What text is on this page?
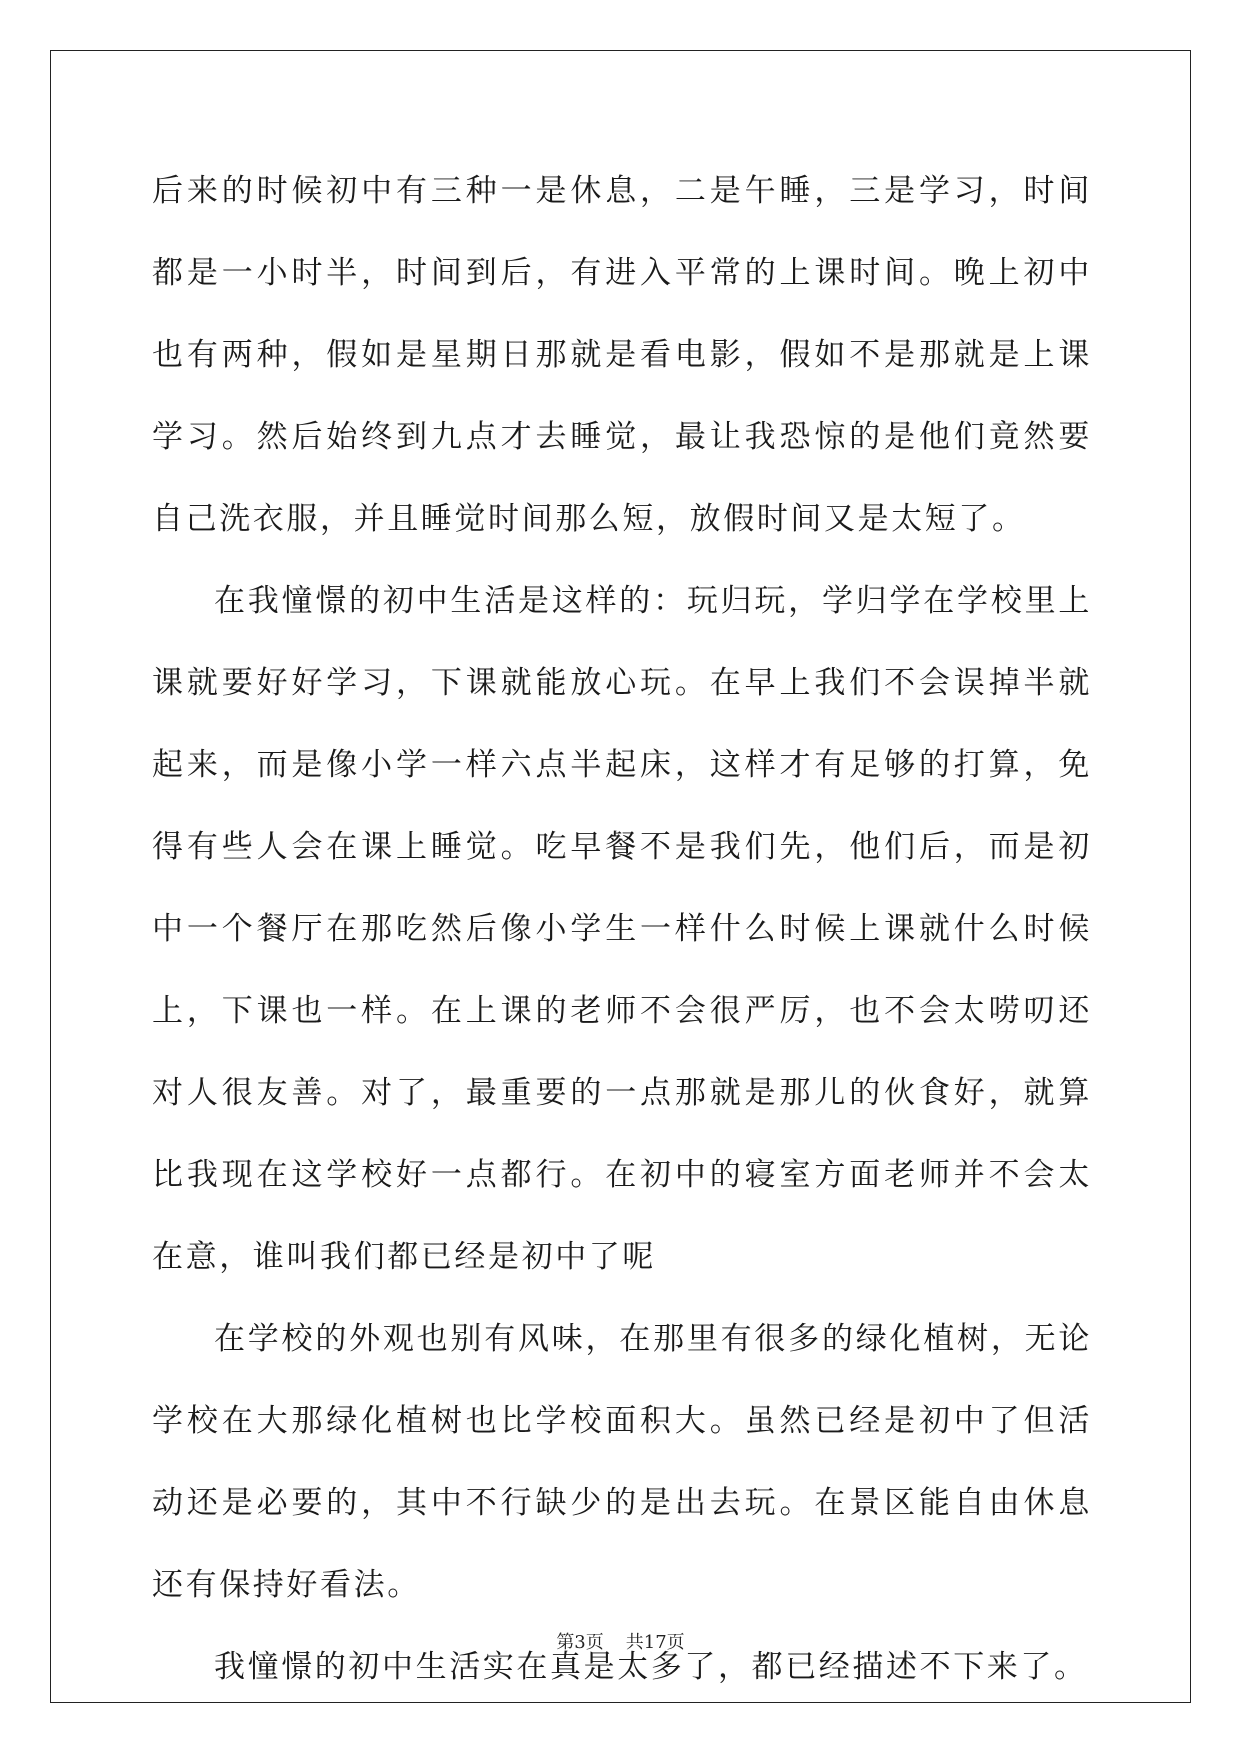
后来的时候初中有三种一是休息，二是午睡，三是学习，时间都是一小时半，时间到后，有进入平常的上课时间。晚上初中也有两种，假如是星期日那就是看电影，假如不是那就是上课学习。然后始终到九点才去睡觉，最让我恐惊的是他们竟然要自己洗衣服，并且睡觉时间那么短，放假时间又是太短了。

在我憧憬的初中生活是这样的：玩归玩，学归学在学校里上课就要好好学习，下课就能放心玩。在早上我们不会误掉半就起来，而是像小学一样六点半起床，这样才有足够的打算，免得有些人会在课上睡觉。吃早餐不是我们先，他们后，而是初中一个餐厅在那吃然后像小学生一样什么时候上课就什么时候上，下课也一样。在上课的老师不会很严厉，也不会太唠叨还对人很友善。对了，最重要的一点那就是那儿的伙食好，就算比我现在这学校好一点都行。在初中的寝室方面老师并不会太在意，谁叫我们都已经是初中了呢

在学校的外观也别有风味，在那里有很多的绿化植树，无论学校在大那绿化植树也比学校面积大。虽然已经是初中了但活动还是必要的，其中不行缺少的是出去玩。在景区能自由休息还有保持好看法。

我憧憬的初中生活实在真是太多了，都已经描述不下来了。

第3页 共17页
